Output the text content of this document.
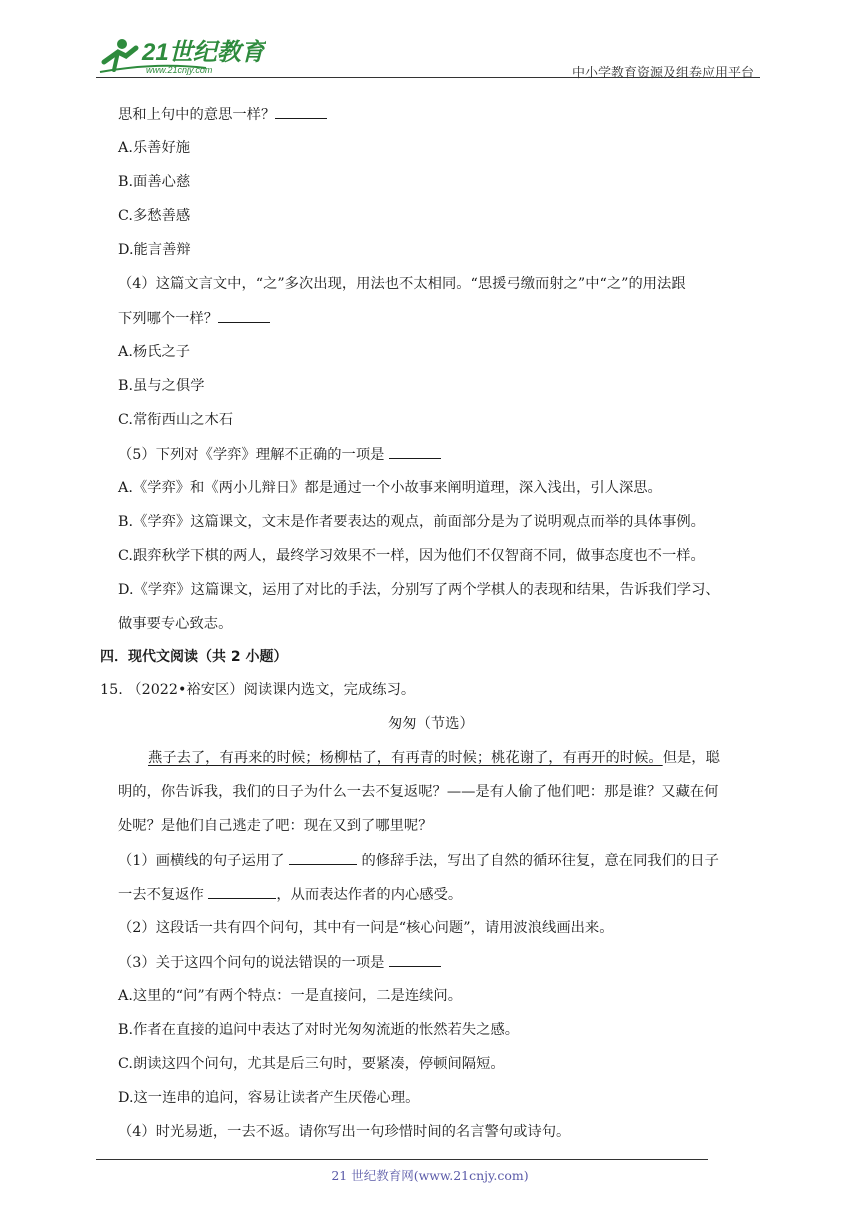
21世纪教育
www.21cnjy.com	中小学教育资源及组卷应用平台
思和上句中的意思一样？
A.乐善好施
B.面善心慈
C.多愁善感
D.能言善辩
（4）这篇文言文中，“之”多次出现，用法也不太相同。“思援弓缴而射之”中“之”的用法跟
下列哪个一样？
A.杨氏之子
B.虽与之俱学
C.常衔西山之木石
（5）下列对《学弈》理解不正确的一项是
A.《学弈》和《两小儿辩日》都是通过一个小故事来阐明道理，深入浅出，引人深思。
B.《学弈》这篇课文，文末是作者要表达的观点，前面部分是为了说明观点而举的具体事例。
C.跟弈秋学下棋的两人，最终学习效果不一样，因为他们不仅智商不同，做事态度也不一样。
D.《学弈》这篇课文，运用了对比的手法，分别写了两个学棋人的表现和结果，告诉我们学习、
做事要专心致志。
四．现代文阅读（共 2 小题）
15. （2022•裕安区）阅读课内选文，完成练习。
匆匆（节选）
燕子去了，有再来的时候；杨柳枯了，有再青的时候；桃花谢了，有再开的时候。但是，聪
明的，你告诉我，我们的日子为什么一去不复返呢？——是有人偷了他们吧：那是谁？又藏在何
处呢？是他们自己逃走了吧：现在又到了哪里呢？
（1）画横线的句子运用了	的修辞手法，写出了自然的循环往复，意在同我们的日子
一去不复返作	，从而表达作者的内心感受。
（2）这段话一共有四个问句，其中有一问是“核心问题”，请用波浪线画出来。
（3）关于这四个问句的说法错误的一项是
A.这里的“问”有两个特点：一是直接问，二是连续问。
B.作者在直接的追问中表达了对时光匆匆流逝的怅然若失之感。
C.朗读这四个问句，尤其是后三句时，要紧凑，停顿间隔短。
D.这一连串的追问，容易让读者产生厌倦心理。
（4）时光易逝，一去不返。请你写出一句珍惜时间的名言警句或诗句。
21 世纪教育网(www.21cnjy.com)
